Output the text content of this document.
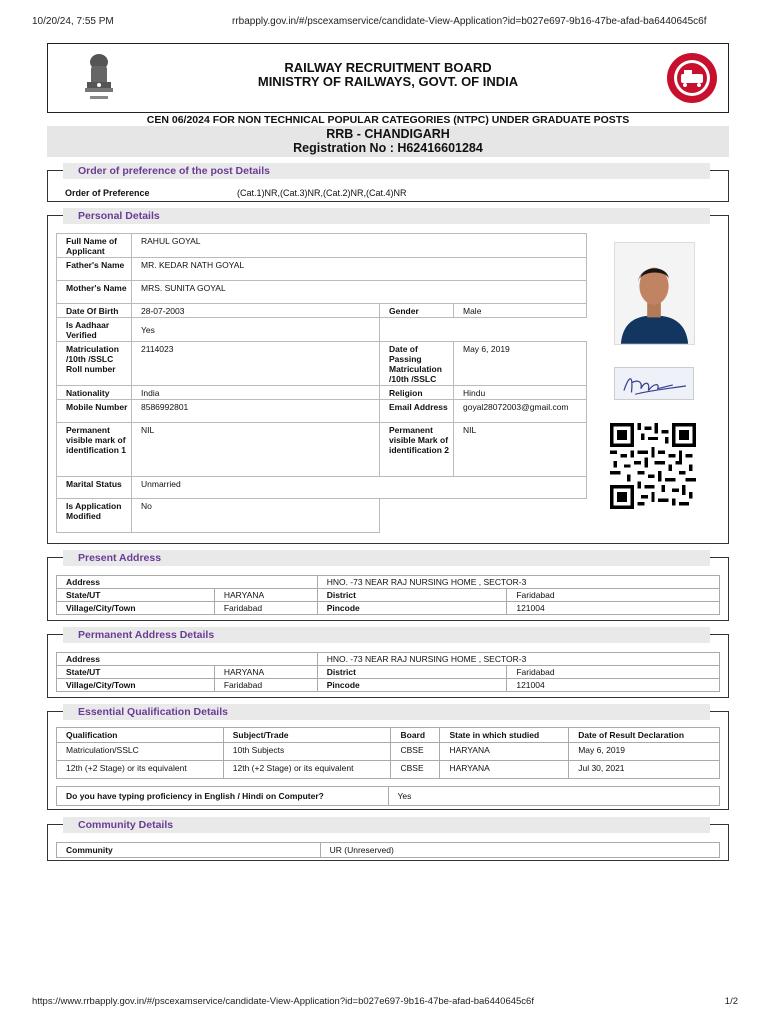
10/20/24, 7:55 PM	rrbapply.gov.in/#/pscexamservice/candidate-View-Application?id=b027e697-9b16-47be-afad-ba6440645c6f
RAILWAY RECRUITMENT BOARD
MINISTRY OF RAILWAYS, GOVT. OF INDIA
CEN 06/2024 FOR NON TECHNICAL POPULAR CATEGORIES (NTPC) UNDER GRADUATE POSTS
RRB - CHANDIGARH
Registration No : H62416601284
Order of preference of the post Details
Order of Preference	(Cat.1)NR,(Cat.3)NR,(Cat.2)NR,(Cat.4)NR
Personal Details
Full Name of Applicant	RAHUL GOYAL		
Father's Name	MR. KEDAR NATH GOYAL		
Mother's Name	MRS. SUNITA GOYAL		
Date Of Birth	28-07-2003	Gender	Male
Is Aadhaar Verified	Yes		
Matriculation /10th /SSLC Roll number	2114023	Date of Passing Matriculation /10th /SSLC	May 6, 2019
Nationality	India	Religion	Hindu
Mobile Number	8586992801	Email Address	goyal28072003@gmail.com
Permanent visible mark of identification 1	NIL	Permanent visible Mark of identification 2	NIL
Marital Status	Unmarried		
Is Application Modified	No		
Present Address
Address		HNO. -73 NEAR RAJ NURSING HOME , SECTOR-3	
State/UT	HARYANA	District	Faridabad
Village/City/Town	Faridabad	Pincode	121004
Permanent Address Details
Address		HNO. -73 NEAR RAJ NURSING HOME , SECTOR-3	
State/UT	HARYANA	District	Faridabad
Village/City/Town	Faridabad	Pincode	121004
Essential Qualification Details
Qualification	Subject/Trade	Board	State in which studied	Date of Result Declaration
Matriculation/SSLC	10th Subjects	CBSE	HARYANA	May 6, 2019
12th (+2 Stage) or its equivalent	12th (+2 Stage) or its equivalent	CBSE	HARYANA	Jul 30, 2021
Do you have typing proficiency in English / Hindi on Computer?	Yes
Community Details
Community	UR (Unreserved)
https://www.rrbapply.gov.in/#/pscexamservice/candidate-View-Application?id=b027e697-9b16-47be-afad-ba6440645c6f	1/2
